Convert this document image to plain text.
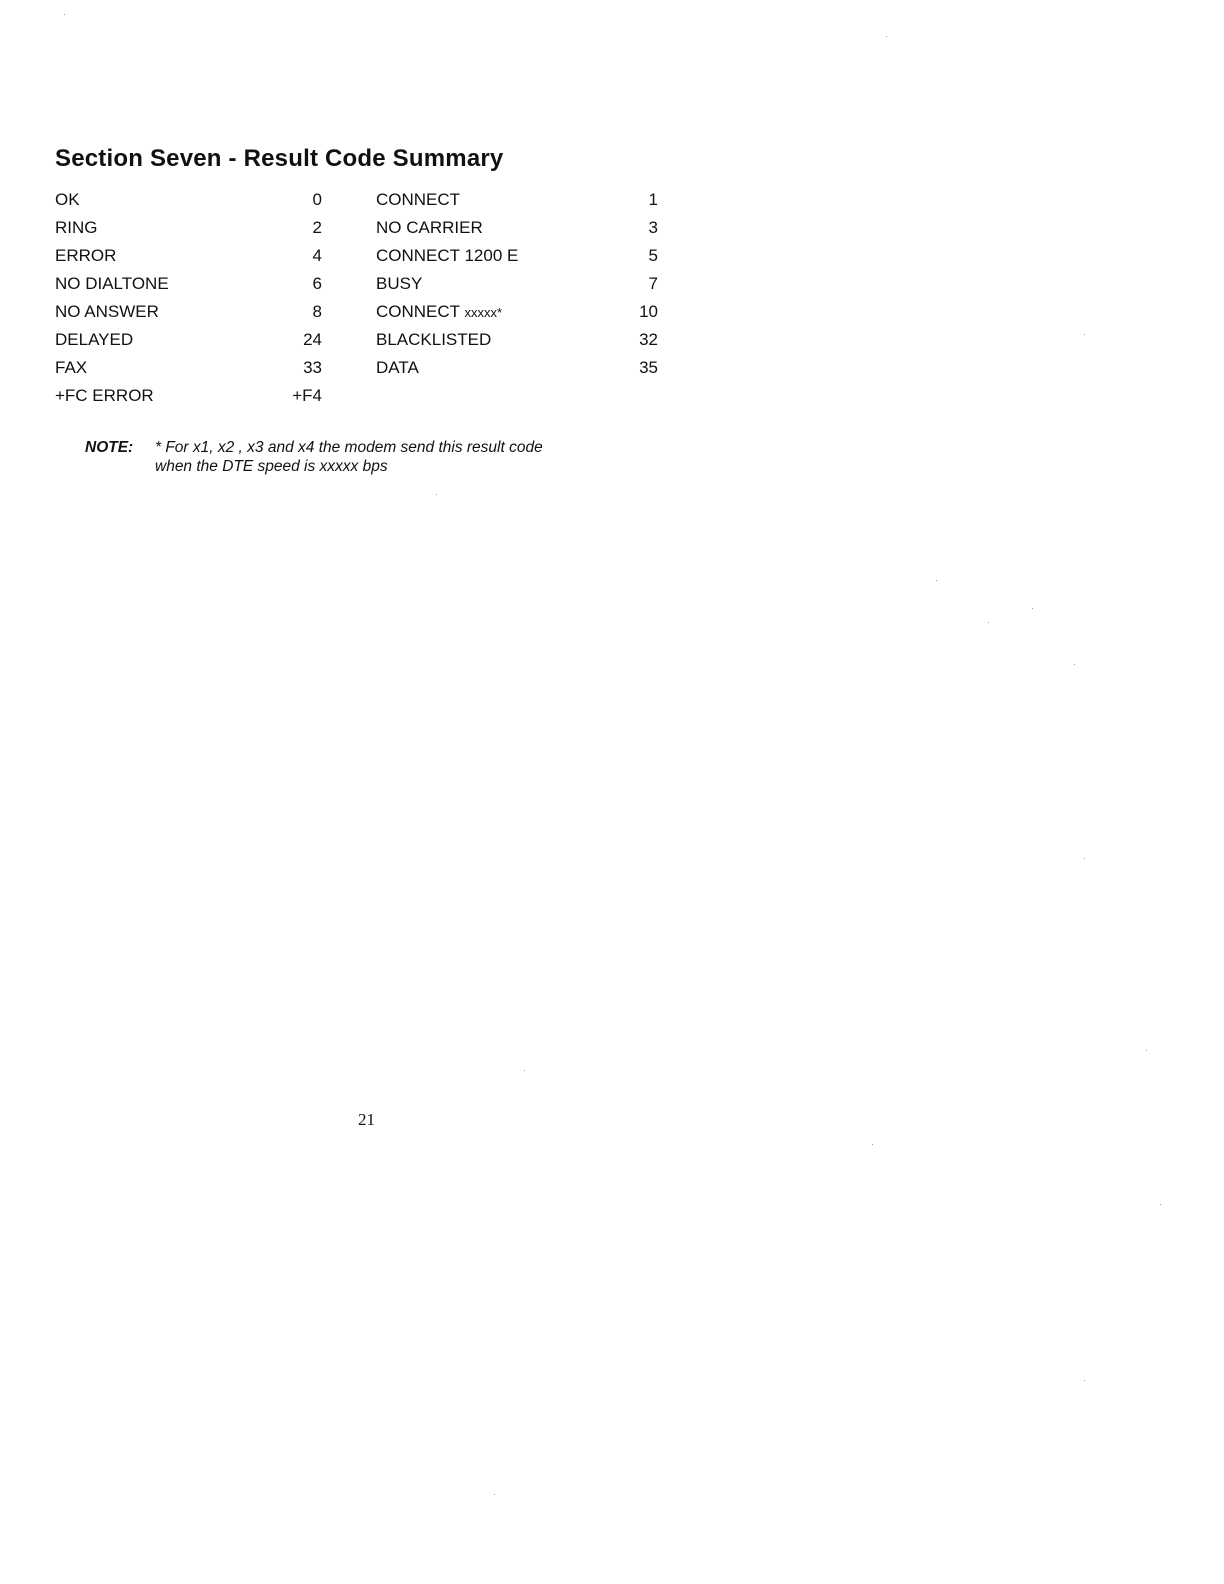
Section Seven - Result Code Summary
OK	0		CONNECT	1
RING	2		NO CARRIER	3
ERROR	4		CONNECT 1200 E	5
NO DIALTONE	6		BUSY	7
NO ANSWER	8		CONNECT xxxxx*	10
DELAYED	24		BLACKLISTED	32
FAX	33		DATA	35
+FC ERROR	+F4			
NOTE: * For x1, x2 , x3 and x4 the modem send this result code
when the DTE speed is xxxxx bps
21
